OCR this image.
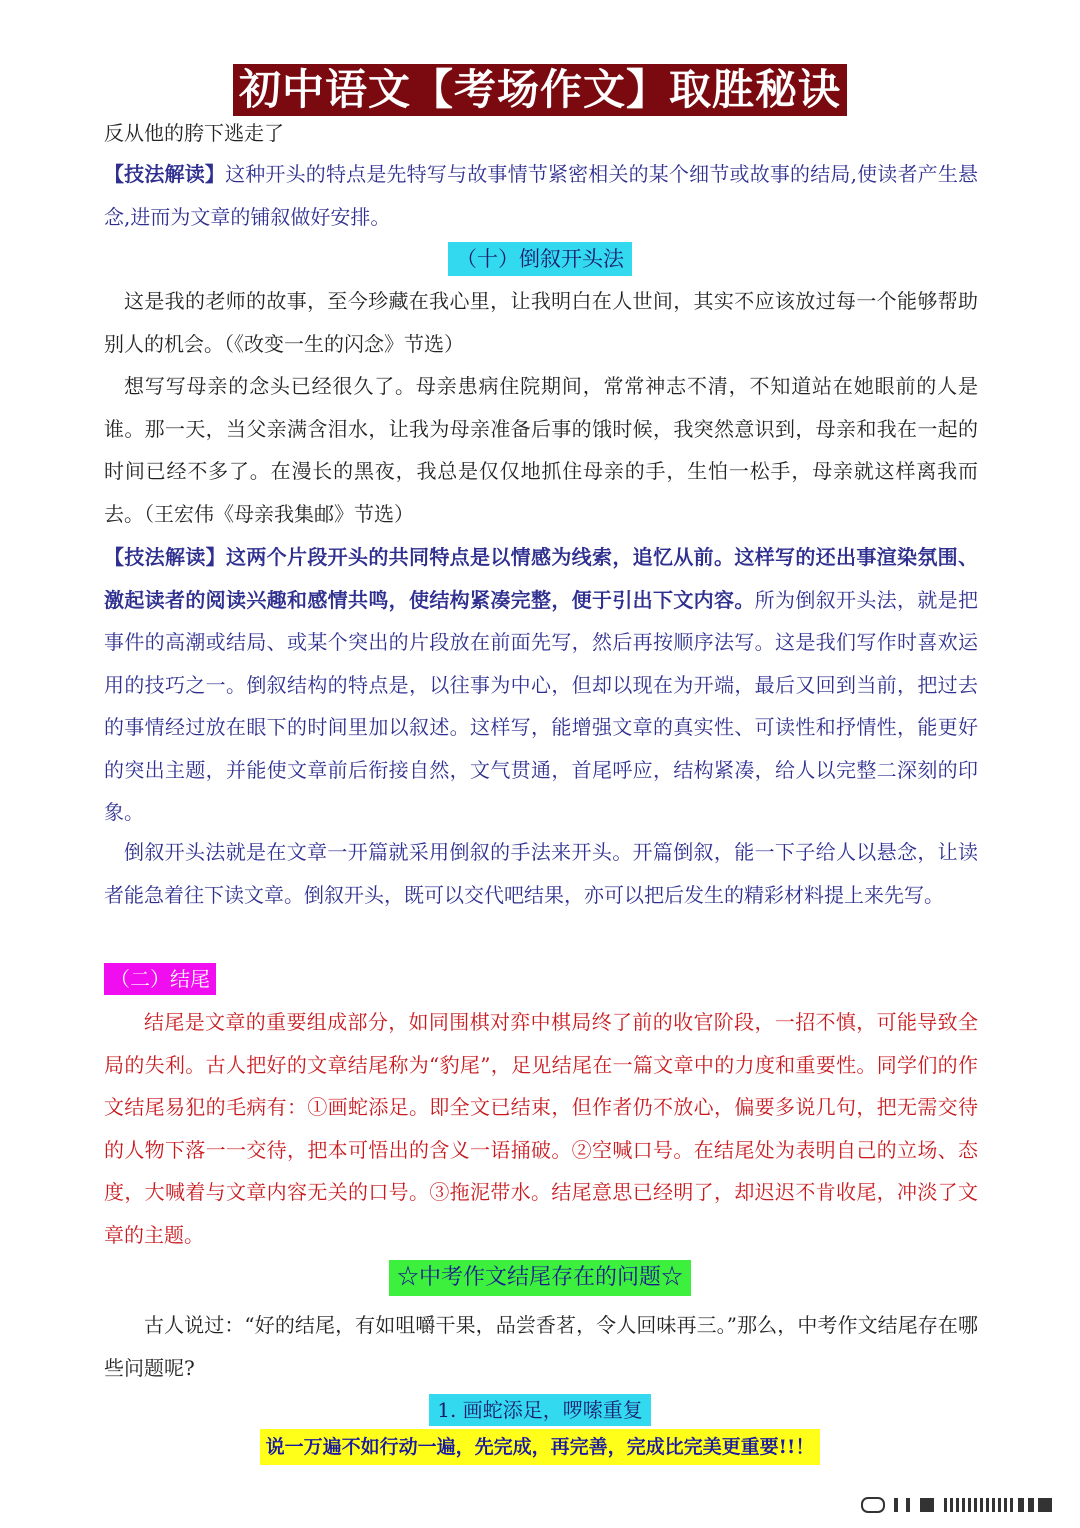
初中语文【考场作文】取胜秘诀

反从他的胯下逃走了

【技法解读】这种开头的特点是先特写与故事情节紧密相关的某个细节或故事的结局,使读者产生悬念,进而为文章的铺叙做好安排。

（十）倒叙开头法

这是我的老师的故事，至今珍藏在我心里，让我明白在人世间，其实不应该放过每一个能够帮助别人的机会。（《改变一生的闪念》节选）

想写写母亲的念头已经很久了。母亲患病住院期间，常常神志不清，不知道站在她眼前的人是谁。那一天，当父亲满含泪水，让我为母亲准备后事的饿时候，我突然意识到，母亲和我在一起的时间已经不多了。在漫长的黑夜，我总是仅仅地抓住母亲的手，生怕一松手，母亲就这样离我而去。（王宏伟《母亲我集邮》节选）

【技法解读】这两个片段开头的共同特点是以情感为线索，追忆从前。这样写的还出事渲染氛围、激起读者的阅读兴趣和感情共鸣，使结构紧凑完整，便于引出下文内容。所为倒叙开头法，就是把事件的高潮或结局、或某个突出的片段放在前面先写，然后再按顺序法写。这是我们写作时喜欢运用的技巧之一。倒叙结构的特点是，以往事为中心，但却以现在为开端，最后又回到当前，把过去的事情经过放在眼下的时间里加以叙述。这样写，能增强文章的真实性、可读性和抒情性，能更好的突出主题，并能使文章前后衔接自然，文气贯通，首尾呼应，结构紧凑，给人以完整二深刻的印象。

倒叙开头法就是在文章一开篇就采用倒叙的手法来开头。开篇倒叙，能一下子给人以悬念，让读者能急着往下读文章。倒叙开头，既可以交代吧结果，亦可以把后发生的精彩材料提上来先写。

（二）结尾

结尾是文章的重要组成部分，如同围棋对弈中棋局终了前的收官阶段，一招不慎，可能导致全局的失利。古人把好的文章结尾称为“豹尾”，足见结尾在一篇文章中的力度和重要性。同学们的作文结尾易犯的毛病有：①画蛇添足。即全文已结束，但作者仍不放心，偏要多说几句，把无需交待的人物下落一一交待，把本可悟出的含义一语捅破。②空喊口号。在结尾处为表明自己的立场、态度，大喊着与文章内容无关的口号。③拖泥带水。结尾意思已经明了，却迟迟不肯收尾，冲淡了文章的主题。

☆中考作文结尾存在的问题☆

古人说过：“好的结尾，有如咀嚼干果，品尝香茗，令人回味再三。”那么，中考作文结尾存在哪些问题呢?

1. 画蛇添足，啰嗦重复
说一万遍不如行动一遍，先完成，再完善，完成比完美更重要!!！
